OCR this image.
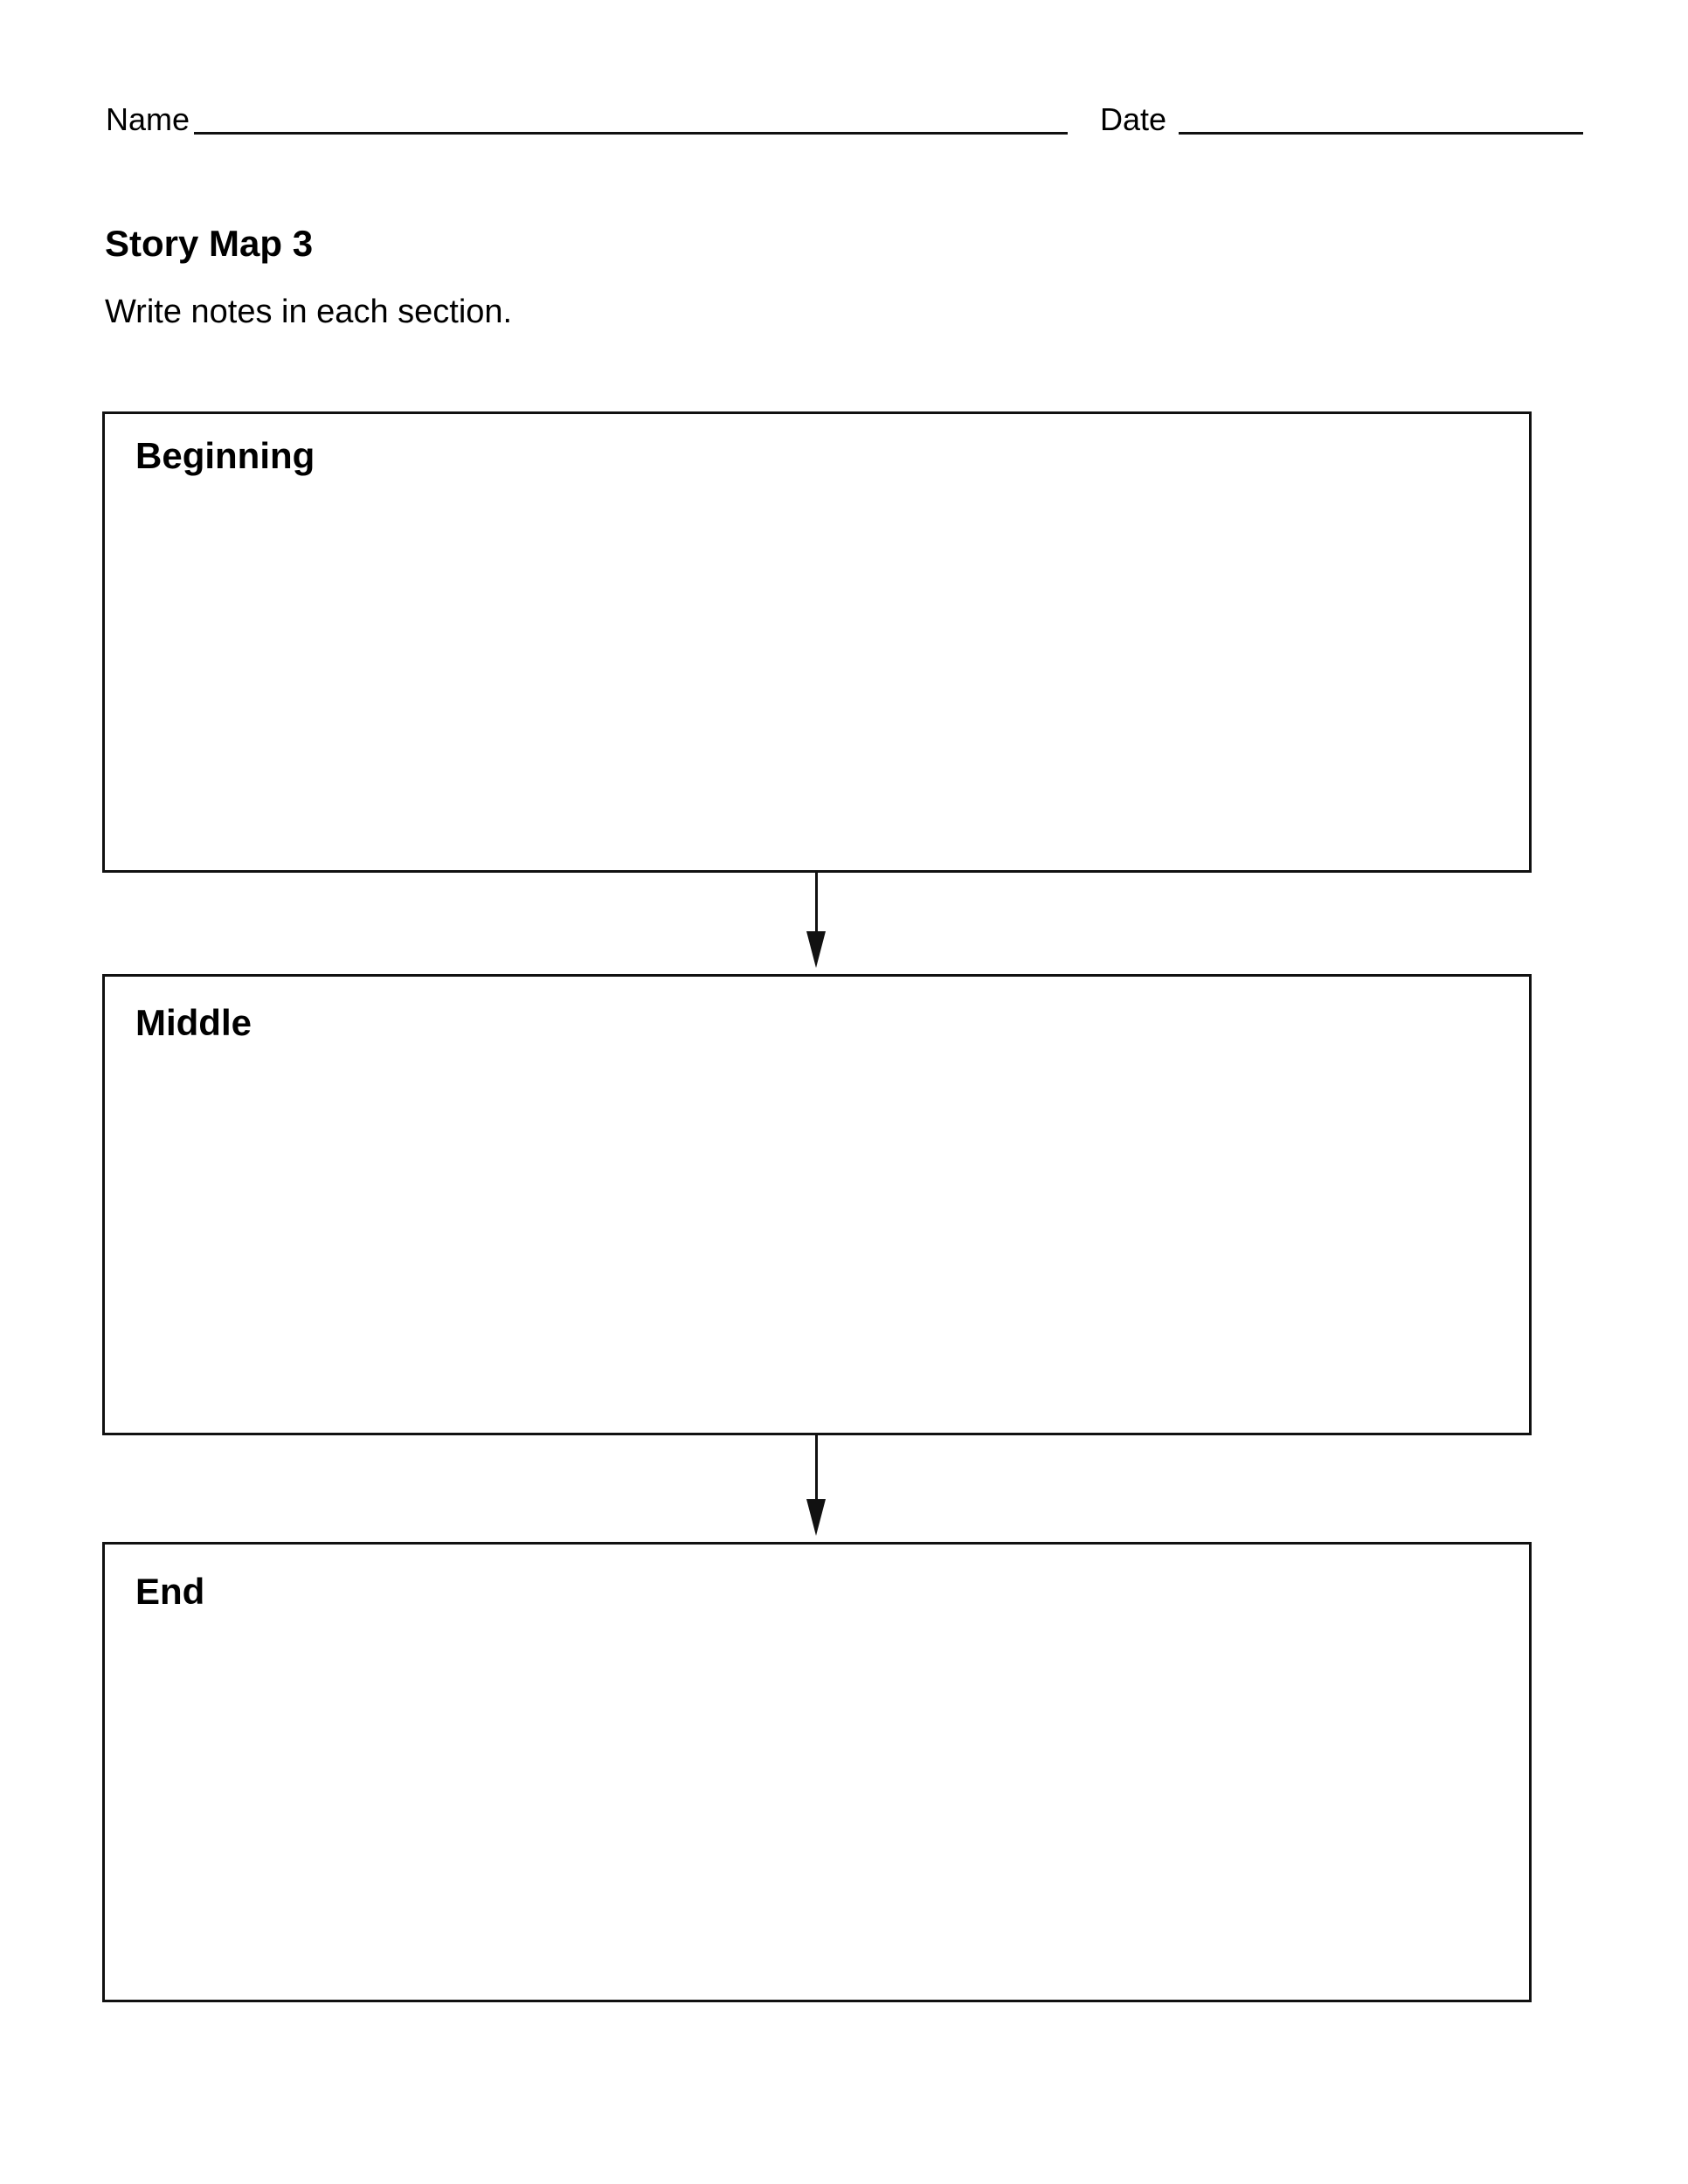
Name	Date
Story Map 3
Write notes in each section.
Beginning
Middle
End
